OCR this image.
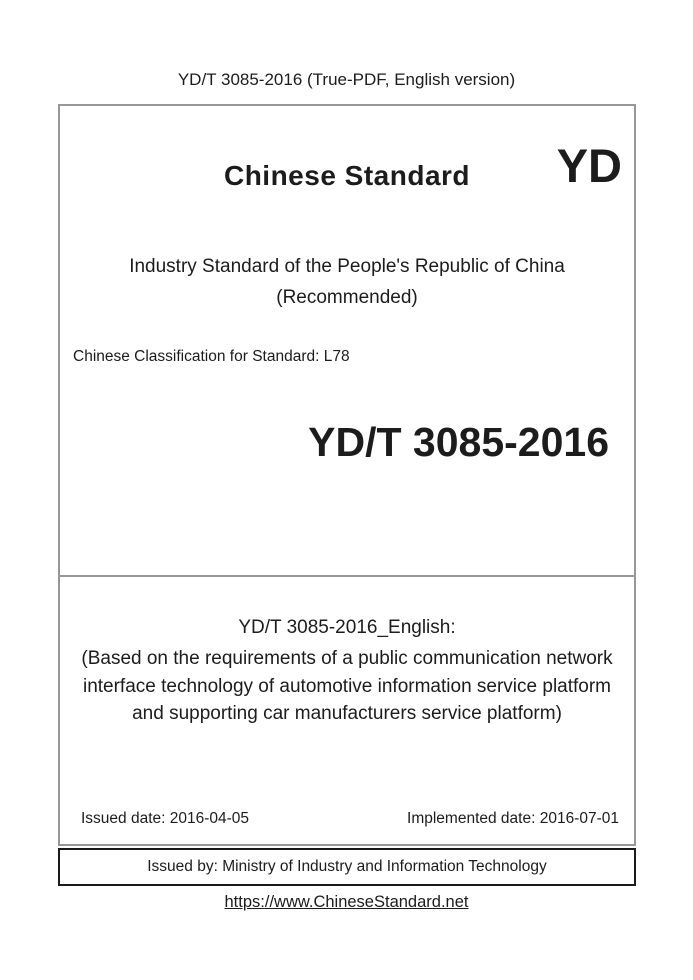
YD/T 3085-2016 (True-PDF, English version)
Chinese Standard	YD
Industry Standard of the People's Republic of China
(Recommended)
Chinese Classification for Standard: L78
YD/T 3085-2016
YD/T 3085-2016_English:
(Based on the requirements of a public communication network interface technology of automotive information service platform and supporting car manufacturers service platform)
Issued date: 2016-04-05	Implemented date: 2016-07-01
Issued by: Ministry of Industry and Information Technology
https://www.ChineseStandard.net
